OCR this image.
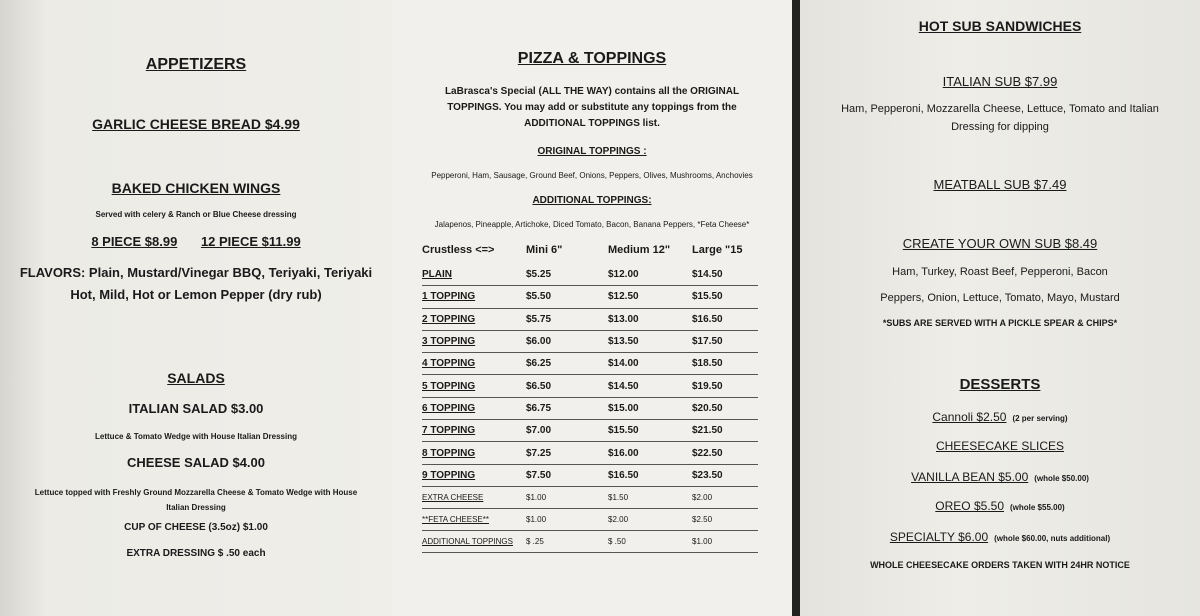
APPETIZERS
GARLIC CHEESE BREAD $4.99
BAKED CHICKEN WINGS
Served with celery & Ranch or Blue Cheese dressing
8 PIECE $8.99 12 PIECE $11.99
FLAVORS: Plain, Mustard/Vinegar BBQ, Teriyaki, Teriyaki Hot, Mild, Hot or Lemon Pepper (dry rub)
SALADS
ITALIAN SALAD $3.00
Lettuce & Tomato Wedge with House Italian Dressing
CHEESE SALAD $4.00
Lettuce topped with Freshly Ground Mozzarella Cheese & Tomato Wedge with House Italian Dressing
CUP OF CHEESE (3.5oz) $1.00
EXTRA DRESSING $ .50 each
PIZZA & TOPPINGS
LaBrasca's Special (ALL THE WAY) contains all the ORIGINAL TOPPINGS. You may add or substitute any toppings from the ADDITIONAL TOPPINGS list.
ORIGINAL TOPPINGS :
Pepperoni, Ham, Sausage, Ground Beef, Onions, Peppers, Olives, Mushrooms, Anchovies
ADDITIONAL TOPPINGS:
Jalapenos, Pineapple, Artichoke, Diced Tomato, Bacon, Banana Peppers, *Feta Cheese*
Crustless <=>	Mini 6"	Medium 12"	Large "15
PLAIN	$5.25	$12.00	$14.50
1 TOPPING	$5.50	$12.50	$15.50
2 TOPPING	$5.75	$13.00	$16.50
3 TOPPING	$6.00	$13.50	$17.50
4 TOPPING	$6.25	$14.00	$18.50
5 TOPPING	$6.50	$14.50	$19.50
6 TOPPING	$6.75	$15.00	$20.50
7 TOPPING	$7.00	$15.50	$21.50
8 TOPPING	$7.25	$16.00	$22.50
9 TOPPING	$7.50	$16.50	$23.50
EXTRA CHEESE	$1.00	$1.50	$2.00
**FETA CHEESE**	$1.00	$2.00	$2.50
ADDITIONAL TOPPINGS	$ .25	$ .50	$1.00
HOT SUB SANDWICHES
ITALIAN SUB $7.99
Ham, Pepperoni, Mozzarella Cheese, Lettuce, Tomato and Italian Dressing for dipping
MEATBALL SUB $7.49
CREATE YOUR OWN SUB $8.49
Ham, Turkey, Roast Beef, Pepperoni, Bacon
Peppers, Onion, Lettuce, Tomato, Mayo, Mustard
*SUBS ARE SERVED WITH A PICKLE SPEAR & CHIPS*
DESSERTS
Cannoli $2.50 (2 per serving)
CHEESECAKE SLICES
VANILLA BEAN $5.00 (whole $50.00)
OREO $5.50 (whole $55.00)
SPECIALTY $6.00 (whole $60.00, nuts additional)
WHOLE CHEESECAKE ORDERS TAKEN WITH 24HR NOTICE
